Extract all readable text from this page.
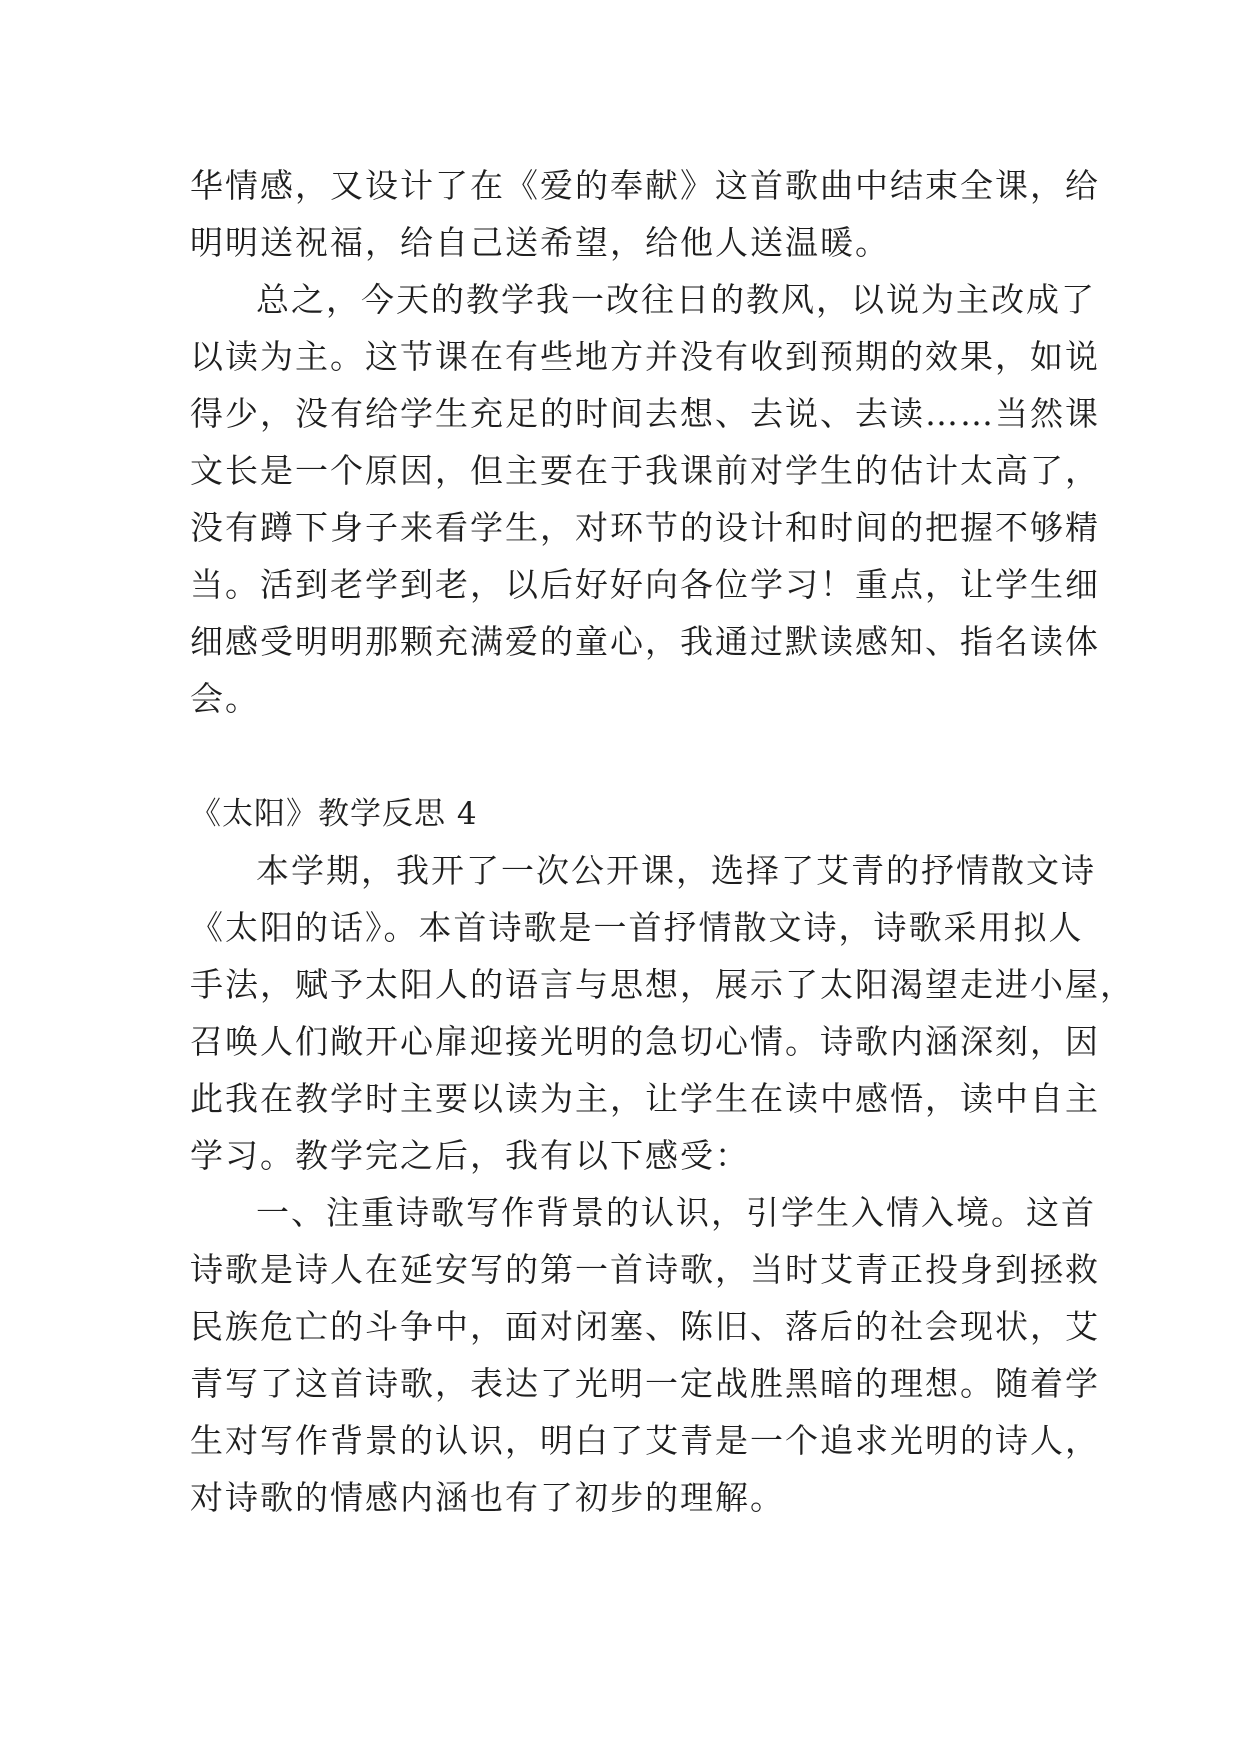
华情感，又设计了在《爱的奉献》这首歌曲中结束全课，给
明明送祝福，给自己送希望，给他人送温暖。
总之，今天的教学我一改往日的教风，以说为主改成了
以读为主。这节课在有些地方并没有收到预期的效果，如说
得少，没有给学生充足的时间去想、去说、去读……当然课
文长是一个原因，但主要在于我课前对学生的估计太高了，
没有蹲下身子来看学生，对环节的设计和时间的把握不够精
当。活到老学到老，以后好好向各位学习！重点，让学生细
细感受明明那颗充满爱的童心，我通过默读感知、指名读体
会。
《太阳》教学反思 4
本学期，我开了一次公开课，选择了艾青的抒情散文诗
《太阳的话》。本首诗歌是一首抒情散文诗，诗歌采用拟人
手法，赋予太阳人的语言与思想，展示了太阳渴望走进小屋，
召唤人们敞开心扉迎接光明的急切心情。诗歌内涵深刻，因
此我在教学时主要以读为主，让学生在读中感悟，读中自主
学习。教学完之后，我有以下感受：
一、注重诗歌写作背景的认识，引学生入情入境。这首
诗歌是诗人在延安写的第一首诗歌，当时艾青正投身到拯救
民族危亡的斗争中，面对闭塞、陈旧、落后的社会现状，艾
青写了这首诗歌，表达了光明一定战胜黑暗的理想。随着学
生对写作背景的认识，明白了艾青是一个追求光明的诗人，
对诗歌的情感内涵也有了初步的理解。
